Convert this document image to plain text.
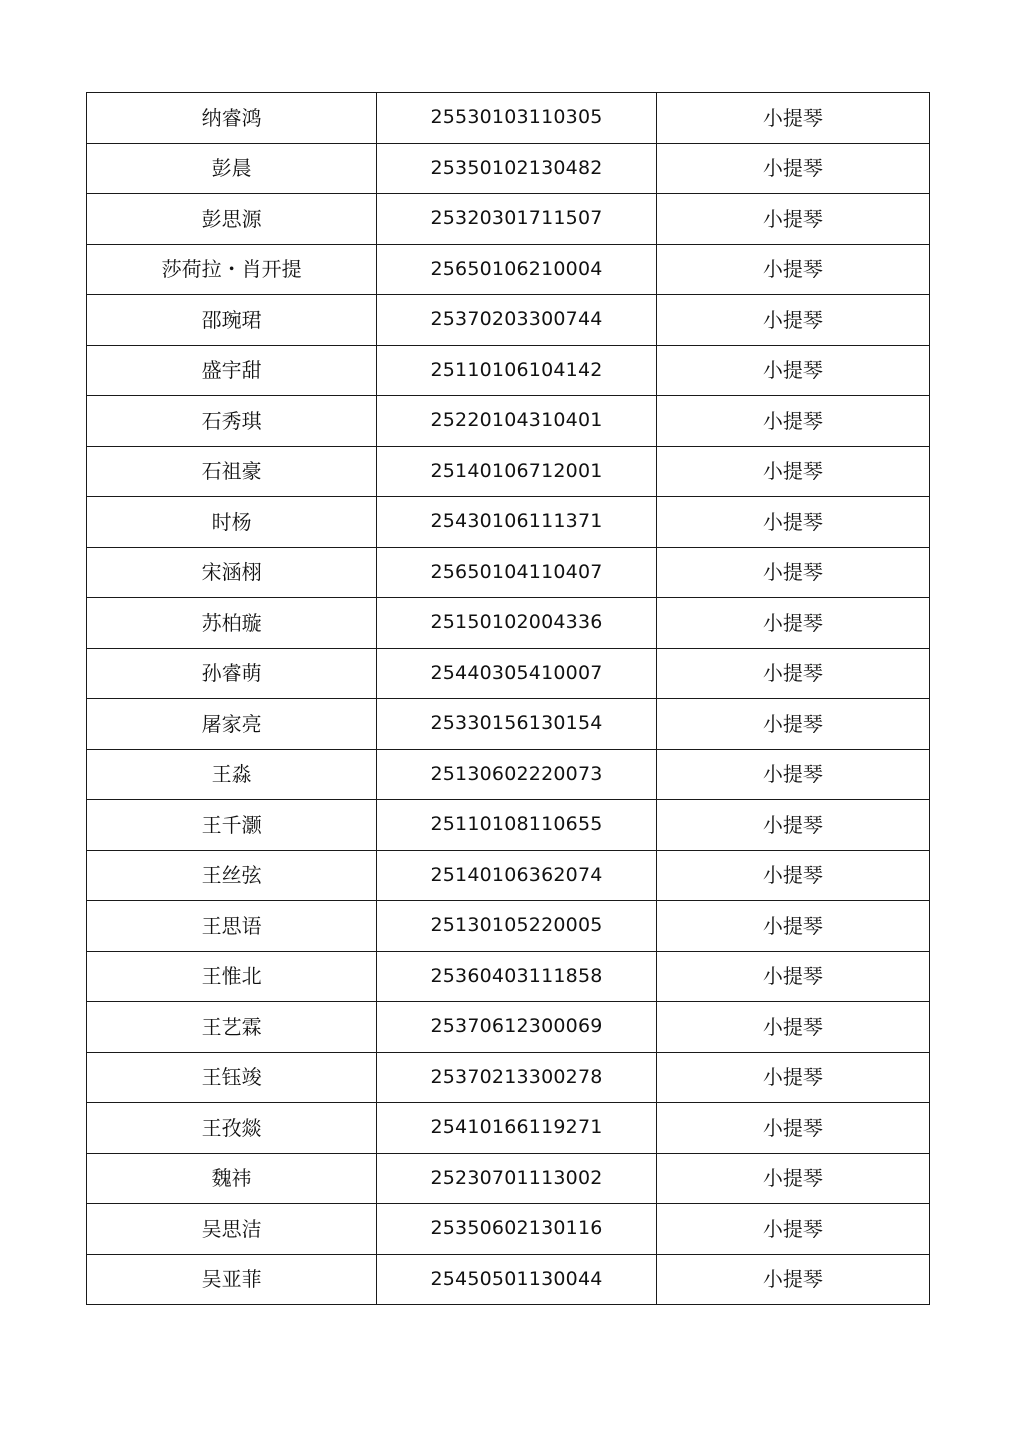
纳睿鸿	25530103110305	小提琴
彭晨	25350102130482	小提琴
彭思源	25320301711507	小提琴
莎荷拉・肖开提	25650106210004	小提琴
邵琬珺	25370203300744	小提琴
盛宇甜	25110106104142	小提琴
石秀琪	25220104310401	小提琴
石祖豪	25140106712001	小提琴
时杨	25430106111371	小提琴
宋涵栩	25650104110407	小提琴
苏柏璇	25150102004336	小提琴
孙睿萌	25440305410007	小提琴
屠家亮	25330156130154	小提琴
王淼	25130602220073	小提琴
王千灏	25110108110655	小提琴
王丝弦	25140106362074	小提琴
王思语	25130105220005	小提琴
王惟北	25360403111858	小提琴
王艺霖	25370612300069	小提琴
王钰竣	25370213300278	小提琴
王孜燚	25410166119271	小提琴
魏祎	25230701113002	小提琴
吴思洁	25350602130116	小提琴
吴亚菲	25450501130044	小提琴
